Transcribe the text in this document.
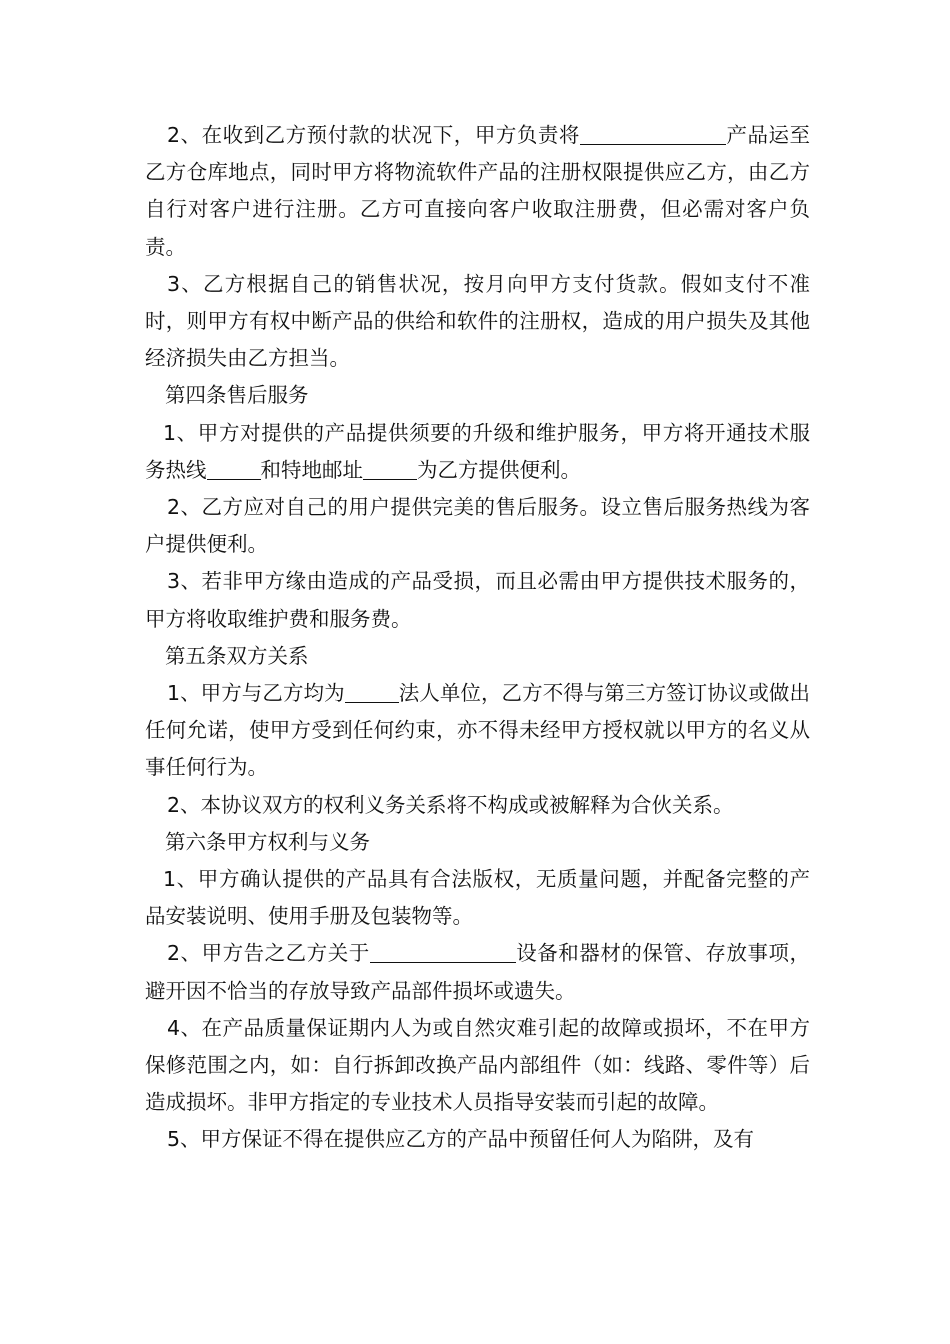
2、在收到乙方预付款的状况下，甲方负责将	产品运至乙方仓库地点，同时甲方将物流软件产品的注册权限提供应乙方，由乙方自行对客户进行注册。乙方可直接向客户收取注册费，但必需对客户负责。

3、乙方根据自己的销售状况，按月向甲方支付货款。假如支付不准时，则甲方有权中断产品的供给和软件的注册权，造成的用户损失及其他经济损失由乙方担当。

第四条售后服务

1、甲方对提供的产品提供须要的升级和维护服务，甲方将开通技术服务热线	和特地邮址	为乙方提供便利。

2、乙方应对自己的用户提供完美的售后服务。设立售后服务热线为客户提供便利。

3、若非甲方缘由造成的产品受损，而且必需由甲方提供技术服务的，甲方将收取维护费和服务费。

第五条双方关系

1、甲方与乙方均为	法人单位，乙方不得与第三方签订协议或做出任何允诺，使甲方受到任何约束，亦不得未经甲方授权就以甲方的名义从事任何行为。

2、本协议双方的权利义务关系将不构成或被解释为合伙关系。

第六条甲方权利与义务

1、甲方确认提供的产品具有合法版权，无质量问题，并配备完整的产品安装说明、使用手册及包装物等。

2、甲方告之乙方关于	设备和器材的保管、存放事项，避开因不恰当的存放导致产品部件损坏或遗失。

4、在产品质量保证期内人为或自然灾难引起的故障或损坏，不在甲方保修范围之内，如：自行拆卸改换产品内部组件（如：线路、零件等）后造成损坏。非甲方指定的专业技术人员指导安装而引起的故障。

5、甲方保证不得在提供应乙方的产品中预留任何人为陷阱，及有
